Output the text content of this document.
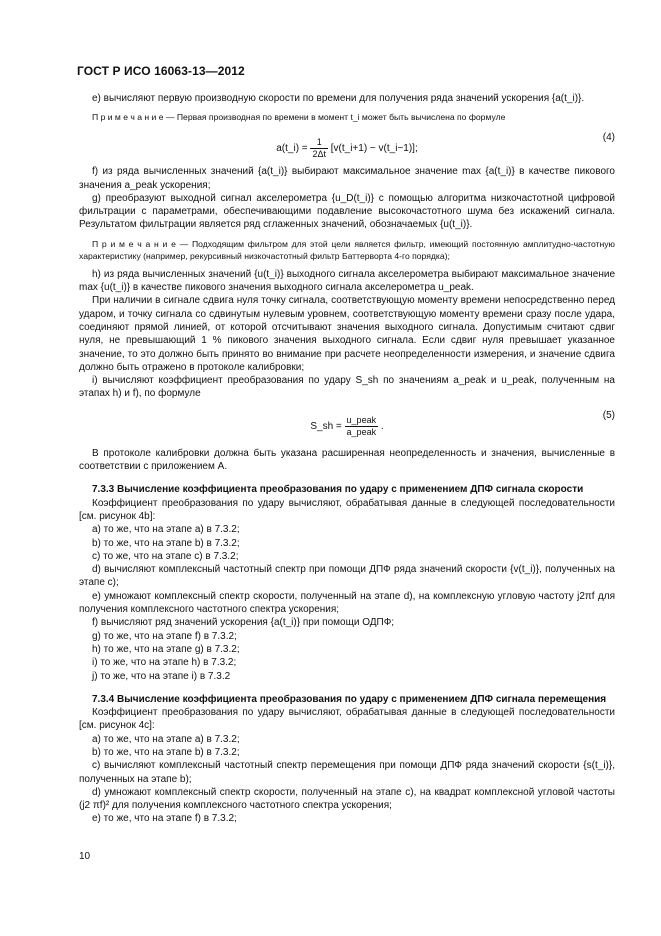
ГОСТ Р ИСО 16063-13—2012

е) вычисляют первую производную скорости по времени для получения ряда значений ускорения {a(t_i)}.

П р и м е ч а н и е — Первая производная по времени в момент t_i может быть вычислена по формуле

a(t_i) = $\frac{1}{2\Delta t}$ [v(t_i+1) − v(t_i−1)];
(4)

f) из ряда вычисленных значений {a(t_i)} выбирают максимальное значение max {a(t_i)} в качестве пикового значения a_peak ускорения;

g) преобразуют выходной сигнал акселерометра {u_D(t_i)} с помощью алгоритма низкочастотной цифровой фильтрации с параметрами, обеспечивающими подавление высокочастотного шума без искажений сигнала. Результатом фильтрации является ряд сглаженных значений, обозначаемых {u(t_i)}.

П р и м е ч а н и е — Подходящим фильтром для этой цели является фильтр, имеющий постоянную амплитудно-частотную характеристику (например, рекурсивный низкочастотный фильтр Баттерворта 4-го порядка);

h) из ряда вычисленных значений {u(t_i)} выходного сигнала акселерометра выбирают максимальное значение max {u(t_i)} в качестве пикового значения выходного сигнала акселерометра u_peak.

При наличии в сигнале сдвига нуля точку сигнала, соответствующую моменту времени непосредственно перед ударом, и точку сигнала со сдвинутым нулевым уровнем, соответствующую моменту времени сразу после удара, соединяют прямой линией, от которой отсчитывают значения выходного сигнала. Допустимым считают сдвиг нуля, не превышающий 1 % пикового значения выходного сигнала. Если сдвиг нуля превышает указанное значение, то это должно быть принято во внимание при расчете неопределенности измерения, и значение сдвига должно быть отражено в протоколе калибровки;

i) вычисляют коэффициент преобразования по удару S_sh по значениям a_peak и u_peak, полученным на этапах h) и f), по формуле

S_sh = $\frac{\text{u\_peak}}{\text{a\_peak}}$ .
(5)

В протоколе калибровки должна быть указана расширенная неопределенность и значения, вычисленные в соответствии с приложением А.

7.3.3 Вычисление коэффициента преобразования по удару с применением ДПФ сигнала скорости

Коэффициент преобразования по удару вычисляют, обрабатывая данные в следующей последовательности [см. рисунок 4b]:

a) то же, что на этапе a) в 7.3.2;

b) то же, что на этапе b) в 7.3.2;

c) то же, что на этапе c) в 7.3.2;

d) вычисляют комплексный частотный спектр при помощи ДПФ ряда значений скорости {v(t_i)}, полученных на этапе c);

e) умножают комплексный спектр скорости, полученный на этапе d), на комплексную угловую частоту j2πf для получения комплексного частотного спектра ускорения;

f) вычисляют ряд значений ускорения {a(t_i)} при помощи ОДПФ;

g) то же, что на этапе f) в 7.3.2;

h) то же, что на этапе g) в 7.3.2;

i) то же, что на этапе h) в 7.3.2;

j) то же, что на этапе i) в 7.3.2

7.3.4 Вычисление коэффициента преобразования по удару с применением ДПФ сигнала перемещения

Коэффициент преобразования по удару вычисляют, обрабатывая данные в следующей последовательности [см. рисунок 4c]:

a) то же, что на этапе a) в 7.3.2;

b) то же, что на этапе b) в 7.3.2;

c) вычисляют комплексный частотный спектр перемещения при помощи ДПФ ряда значений скорости {s(t_i)}, полученных на этапе b);

d) умножают комплексный спектр скорости, полученный на этапе c), на квадрат комплексной угловой частоты (j2 πf)² для получения комплексного частотного спектра ускорения;

e) то же, что на этапе f) в 7.3.2;

10
